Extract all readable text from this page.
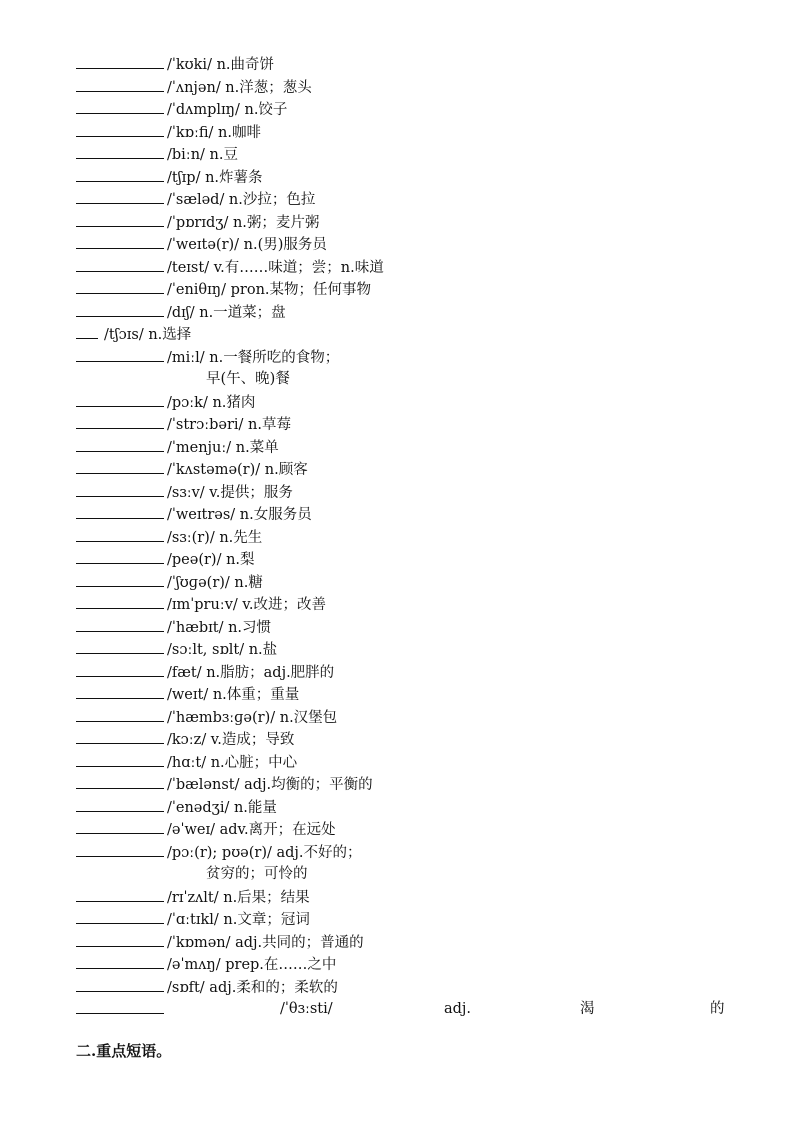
/ˈkʊki/ n.曲奇饼
/ˈʌnjən/ n.洋葱；葱头
/ˈdʌmplɪŋ/ n.饺子
/ˈkɒːfi/ n.咖啡
/biːn/ n.豆
/tʃɪp/ n.炸薯条
/ˈsæləd/ n.沙拉；色拉
/ˈpɒrɪdʒ/ n.粥；麦片粥
/ˈweɪtə(r)/ n.(男)服务员
/teɪst/ v.有……味道；尝；n.味道
/ˈeniθɪŋ/ pron.某物；任何事物
/dɪʃ/ n.一道菜；盘
/tʃɔɪs/ n.选择
/miːl/ n.一餐所吃的食物；
早(午、晚)餐
/pɔːk/ n.猪肉
/ˈstrɔːbəri/ n.草莓
/ˈmenjuː/ n.菜单
/ˈkʌstəmə(r)/ n.顾客
/sɜːv/ v.提供；服务
/ˈweɪtrəs/ n.女服务员
/sɜː(r)/ n.先生
/peə(r)/ n.梨
/ˈʃʊɡə(r)/ n.糖
/ɪmˈpruːv/ v.改进；改善
/ˈhæbɪt/ n.习惯
/sɔːlt, sɒlt/ n.盐
/fæt/ n.脂肪；adj.肥胖的
/weɪt/ n.体重；重量
/ˈhæmbɜːɡə(r)/ n.汉堡包
/kɔːz/ v.造成；导致
/hɑːt/ n.心脏；中心
/ˈbælənst/ adj.均衡的；平衡的
/ˈenədʒi/ n.能量
/əˈweɪ/ adv.离开；在远处
/pɔː(r); pʊə(r)/ adj.不好的；
贫穷的；可怜的
/rɪˈzʌlt/ n.后果；结果
/ˈɑːtɪkl/ n.文章；冠词
/ˈkɒmən/ adj.共同的；普通的
/əˈmʌŋ/ prep.在……之中
/sɒft/ adj.柔和的；柔软的
/ˈθɜːsti/	adj.	渴	的
二.重点短语。
